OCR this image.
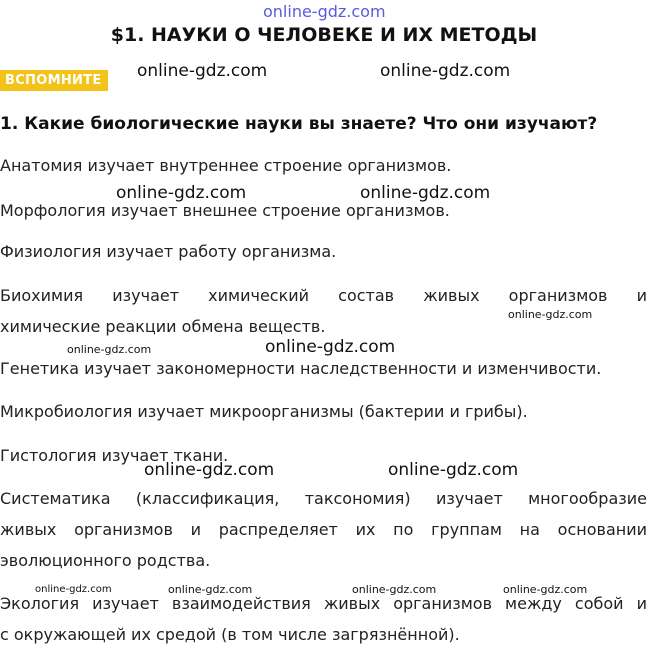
online-gdz.com
$1. НАУКИ О ЧЕЛОВЕКЕ И ИХ МЕТОДЫ
ВСПОМНИТЕ
1. Какие биологические науки вы знаете? Что они изучают?
Анатомия изучает внутреннее строение организмов.
Морфология изучает внешнее строение организмов.
Физиология изучает работу организма.
Биохимия изучает химический состав живых организмов и
химические реакции обмена веществ.
Генетика изучает закономерности наследственности и изменчивости.
Микробиология изучает микроорганизмы (бактерии и грибы).
Гистология изучает ткани.
Систематика (классификация, таксономия) изучает многообразие
живых организмов и распределяет их по группам на основании
эволюционного родства.
Экология изучает взаимодействия живых организмов между собой и
с окружающей их средой (в том числе загрязнённой).
online-gdz.com	online-gdz.com
online-gdz.com	online-gdz.com
online-gdz.com
online-gdz.com	online-gdz.com
online-gdz.com	online-gdz.com
online-gdz.com	online-gdz.com	online-gdz.com	online-gdz.com
